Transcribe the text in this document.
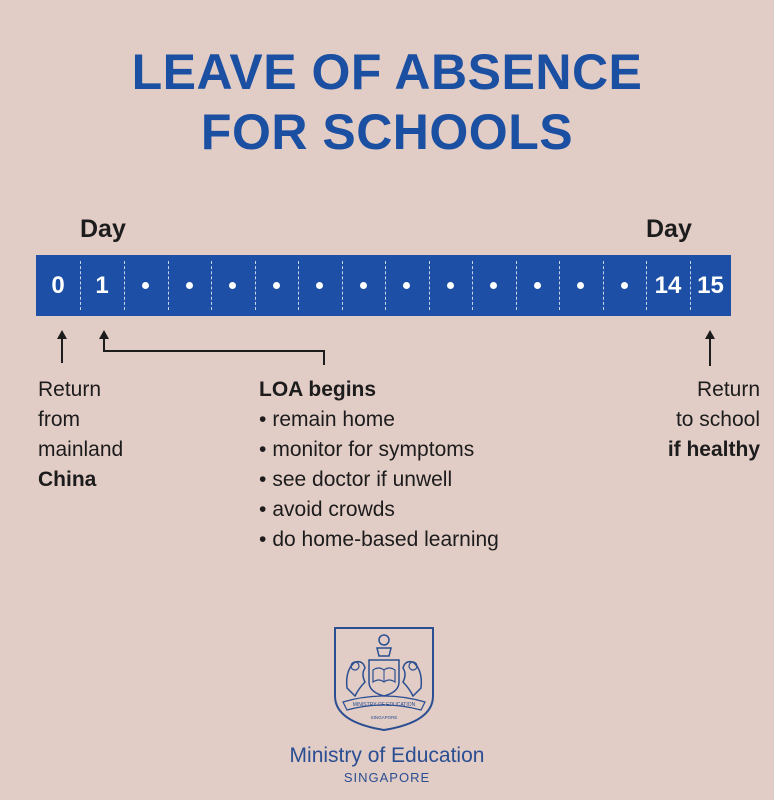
LEAVE OF ABSENCE
FOR SCHOOLS
Day	Day
0 1	14 15
Return
from
mainland
China
LOA begins
• remain home
• monitor for symptoms
• see doctor if unwell
• avoid crowds
• do home-based learning
Return
to school
if healthy
MINISTRY OF EDUCATION
SINGAPORE
Ministry of Education
SINGAPORE
